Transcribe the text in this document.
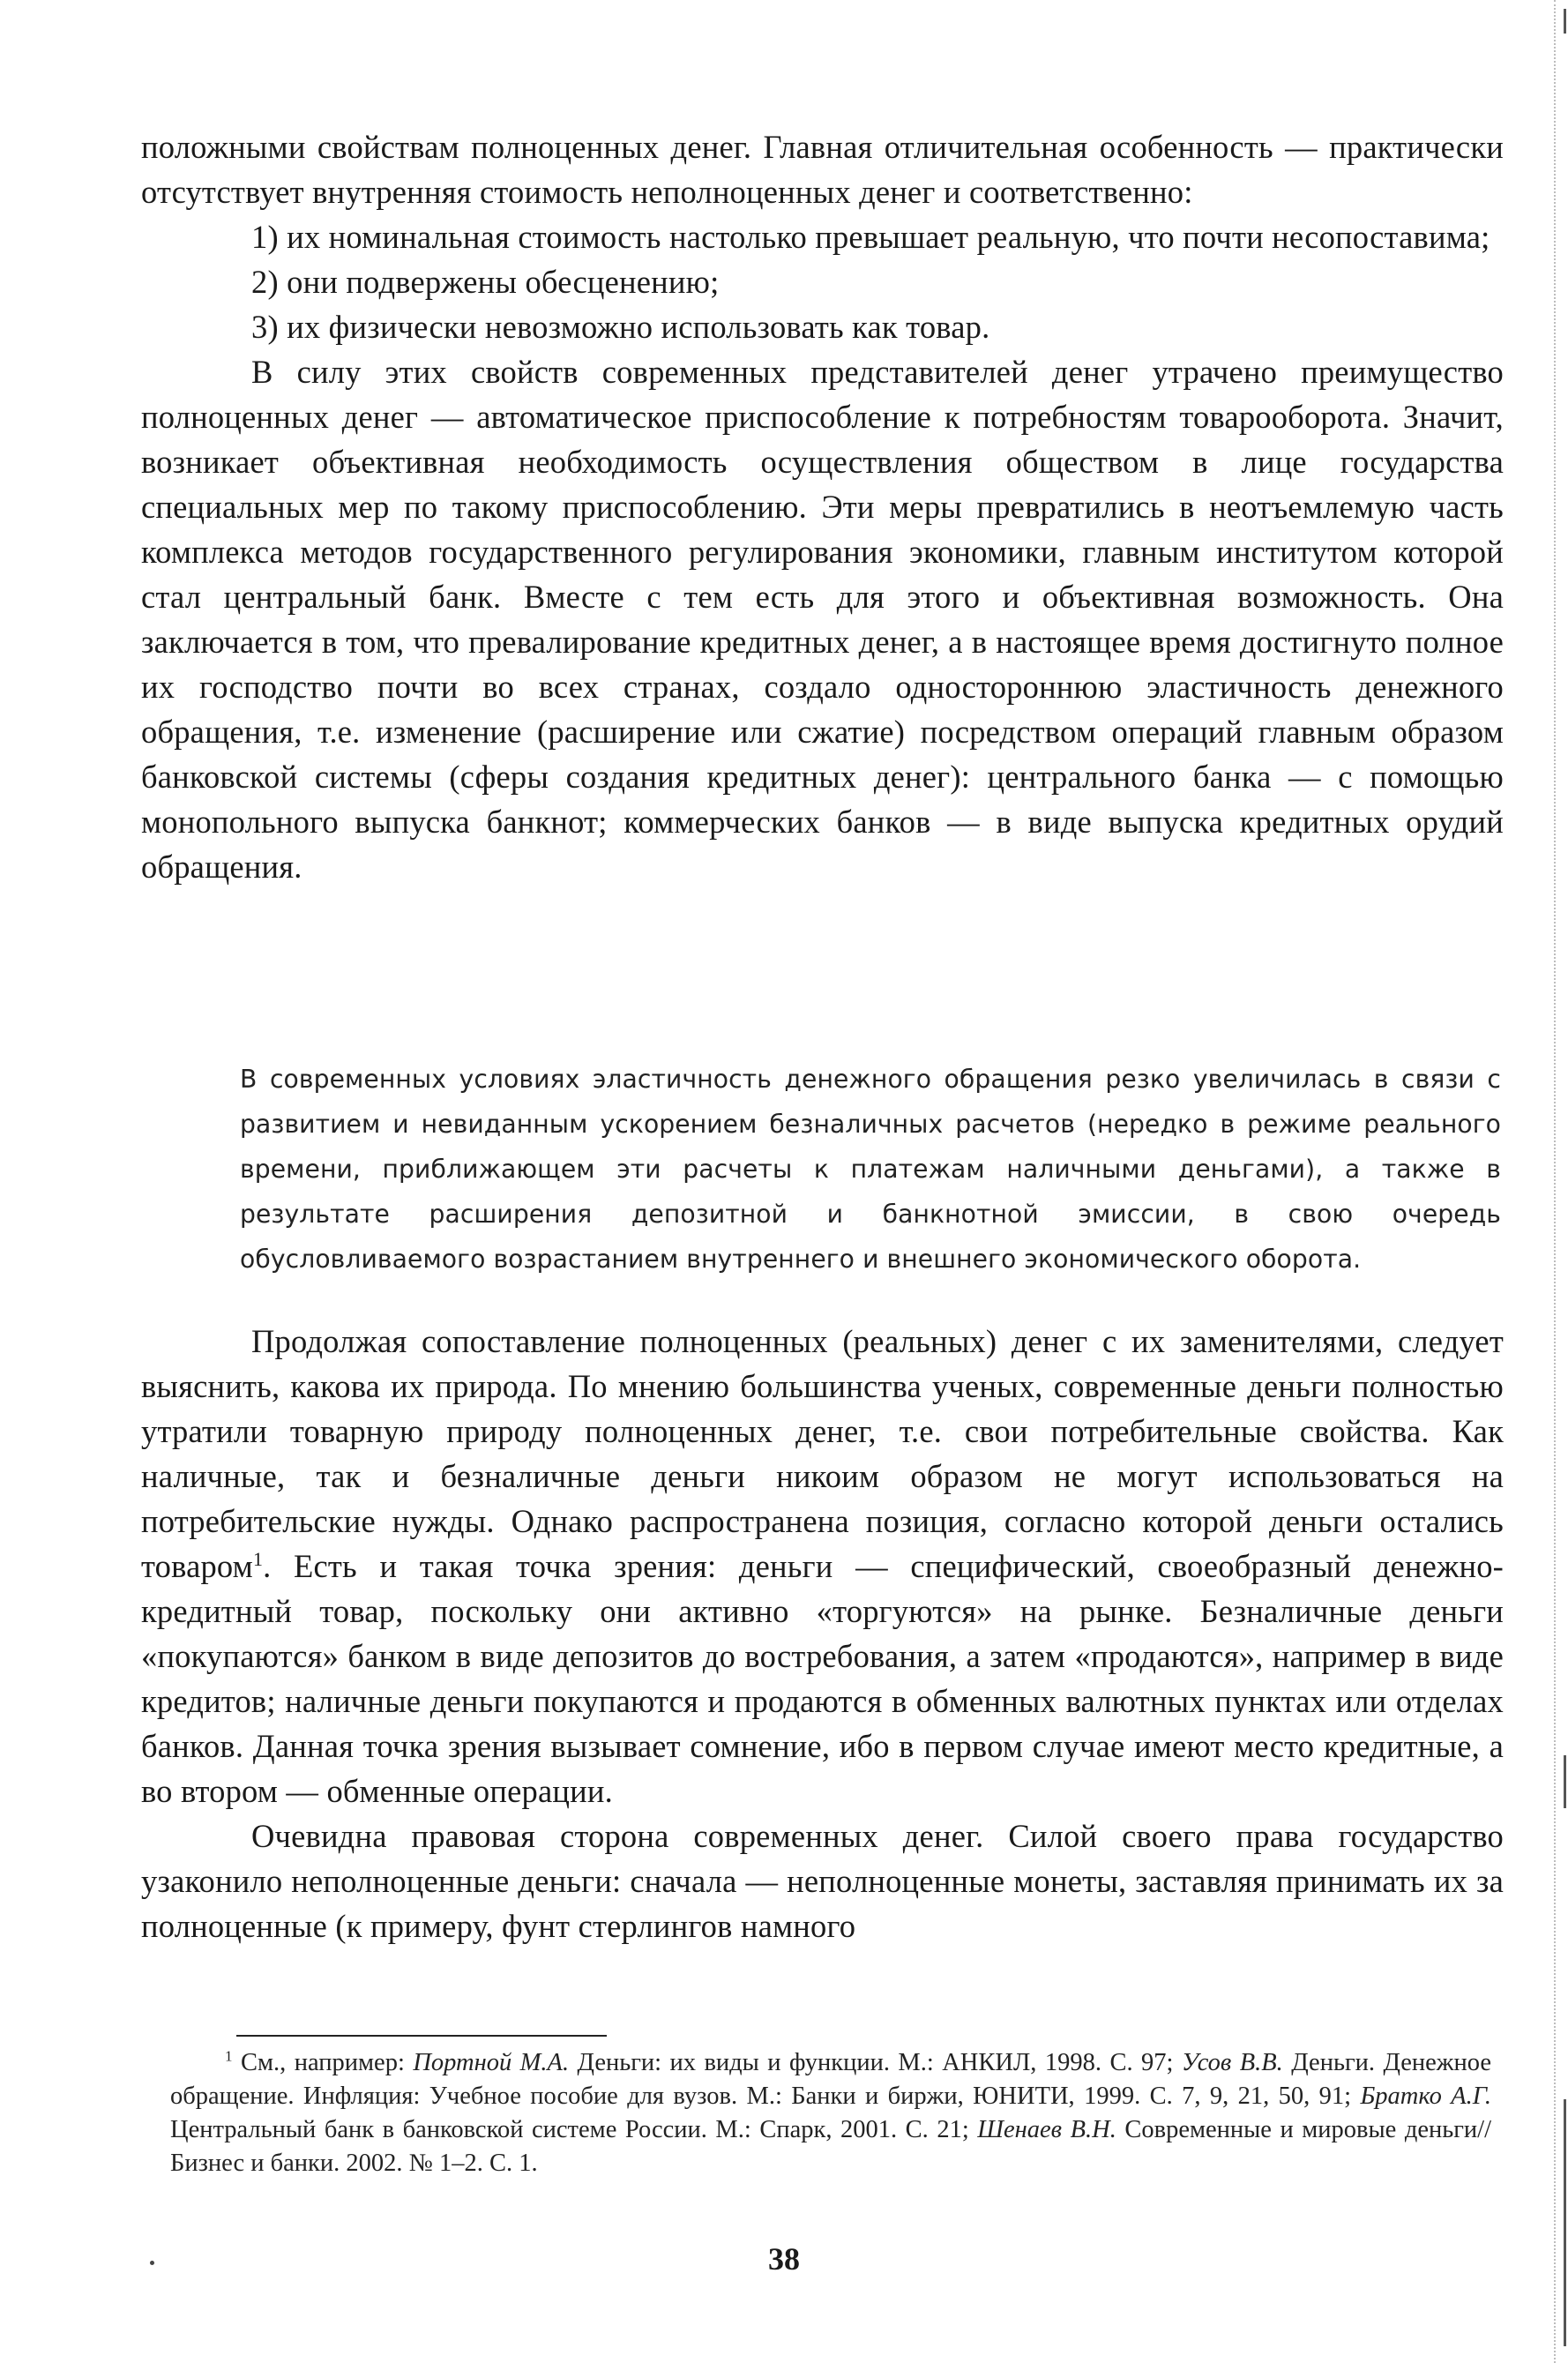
положными свойствам полноценных денег. Главная отличительная особенность — практически отсутствует внутренняя стоимость неполноценных денег и соответственно:

1) их номинальная стоимость настолько превышает реальную, что почти несопоставима;

2) они подвержены обесценению;

3) их физически невозможно использовать как товар.

В силу этих свойств современных представителей денег утрачено преимущество полноценных денег — автоматическое приспособление к потребностям товарооборота. Значит, возникает объективная необходимость осуществления обществом в лице государства специальных мер по такому приспособлению. Эти меры превратились в неотъемлемую часть комплекса методов государственного регулирования экономики, главным институтом которой стал центральный банк. Вместе с тем есть для этого и объективная возможность. Она заключается в том, что превалирование кредитных денег, а в настоящее время достигнуто полное их господство почти во всех странах, создало одностороннюю эластичность денежного обращения, т.е. изменение (расширение или сжатие) посредством операций главным образом банковской системы (сферы создания кредитных денег): центрального банка — с помощью монопольного выпуска банкнот; коммерческих банков — в виде выпуска кредитных орудий обращения.

В современных условиях эластичность денежного обращения резко увеличилась в связи с развитием и невиданным ускорением безналичных расчетов (нередко в режиме реального времени, приближающем эти расчеты к платежам наличными деньгами), а также в результате расширения депозитной и банкнотной эмиссии, в свою очередь обусловливаемого возрастанием внутреннего и внешнего экономического оборота.

Продолжая сопоставление полноценных (реальных) денег с их заменителями, следует выяснить, какова их природа. По мнению большинства ученых, современные деньги полностью утратили товарную природу полноценных денег, т.е. свои потребительные свойства. Как наличные, так и безналичные деньги никоим образом не могут использоваться на потребительские нужды. Однако распространена позиция, согласно которой деньги остались товаром$^1$. Есть и такая точка зрения: деньги — специфический, своеобразный денежно-кредитный товар, поскольку они активно «торгуются» на рынке. Безналичные деньги «покупаются» банком в виде депозитов до востребования, а затем «продаются», например в виде кредитов; наличные деньги покупаются и продаются в обменных валютных пунктах или отделах банков. Данная точка зрения вызывает сомнение, ибо в первом случае имеют место кредитные, а во втором — обменные операции.

Очевидна правовая сторона современных денег. Силой своего права государство узаконило неполноценные деньги: сначала — неполноценные монеты, заставляя принимать их за полноценные (к примеру, фунт стерлингов намного

$^1$ См., например: Портной М.А. Деньги: их виды и функции. М.: АНКИЛ, 1998. С. 97; Усов В.В. Деньги. Денежное обращение. Инфляция: Учебное пособие для вузов. М.: Банки и биржи, ЮНИТИ, 1999. С. 7, 9, 21, 50, 91; Братко А.Г. Центральный банк в банковской системе России. М.: Спарк, 2001. С. 21; Шенаев В.Н. Современные и мировые деньги//Бизнес и банки. 2002. № 1–2. С. 1.

38
